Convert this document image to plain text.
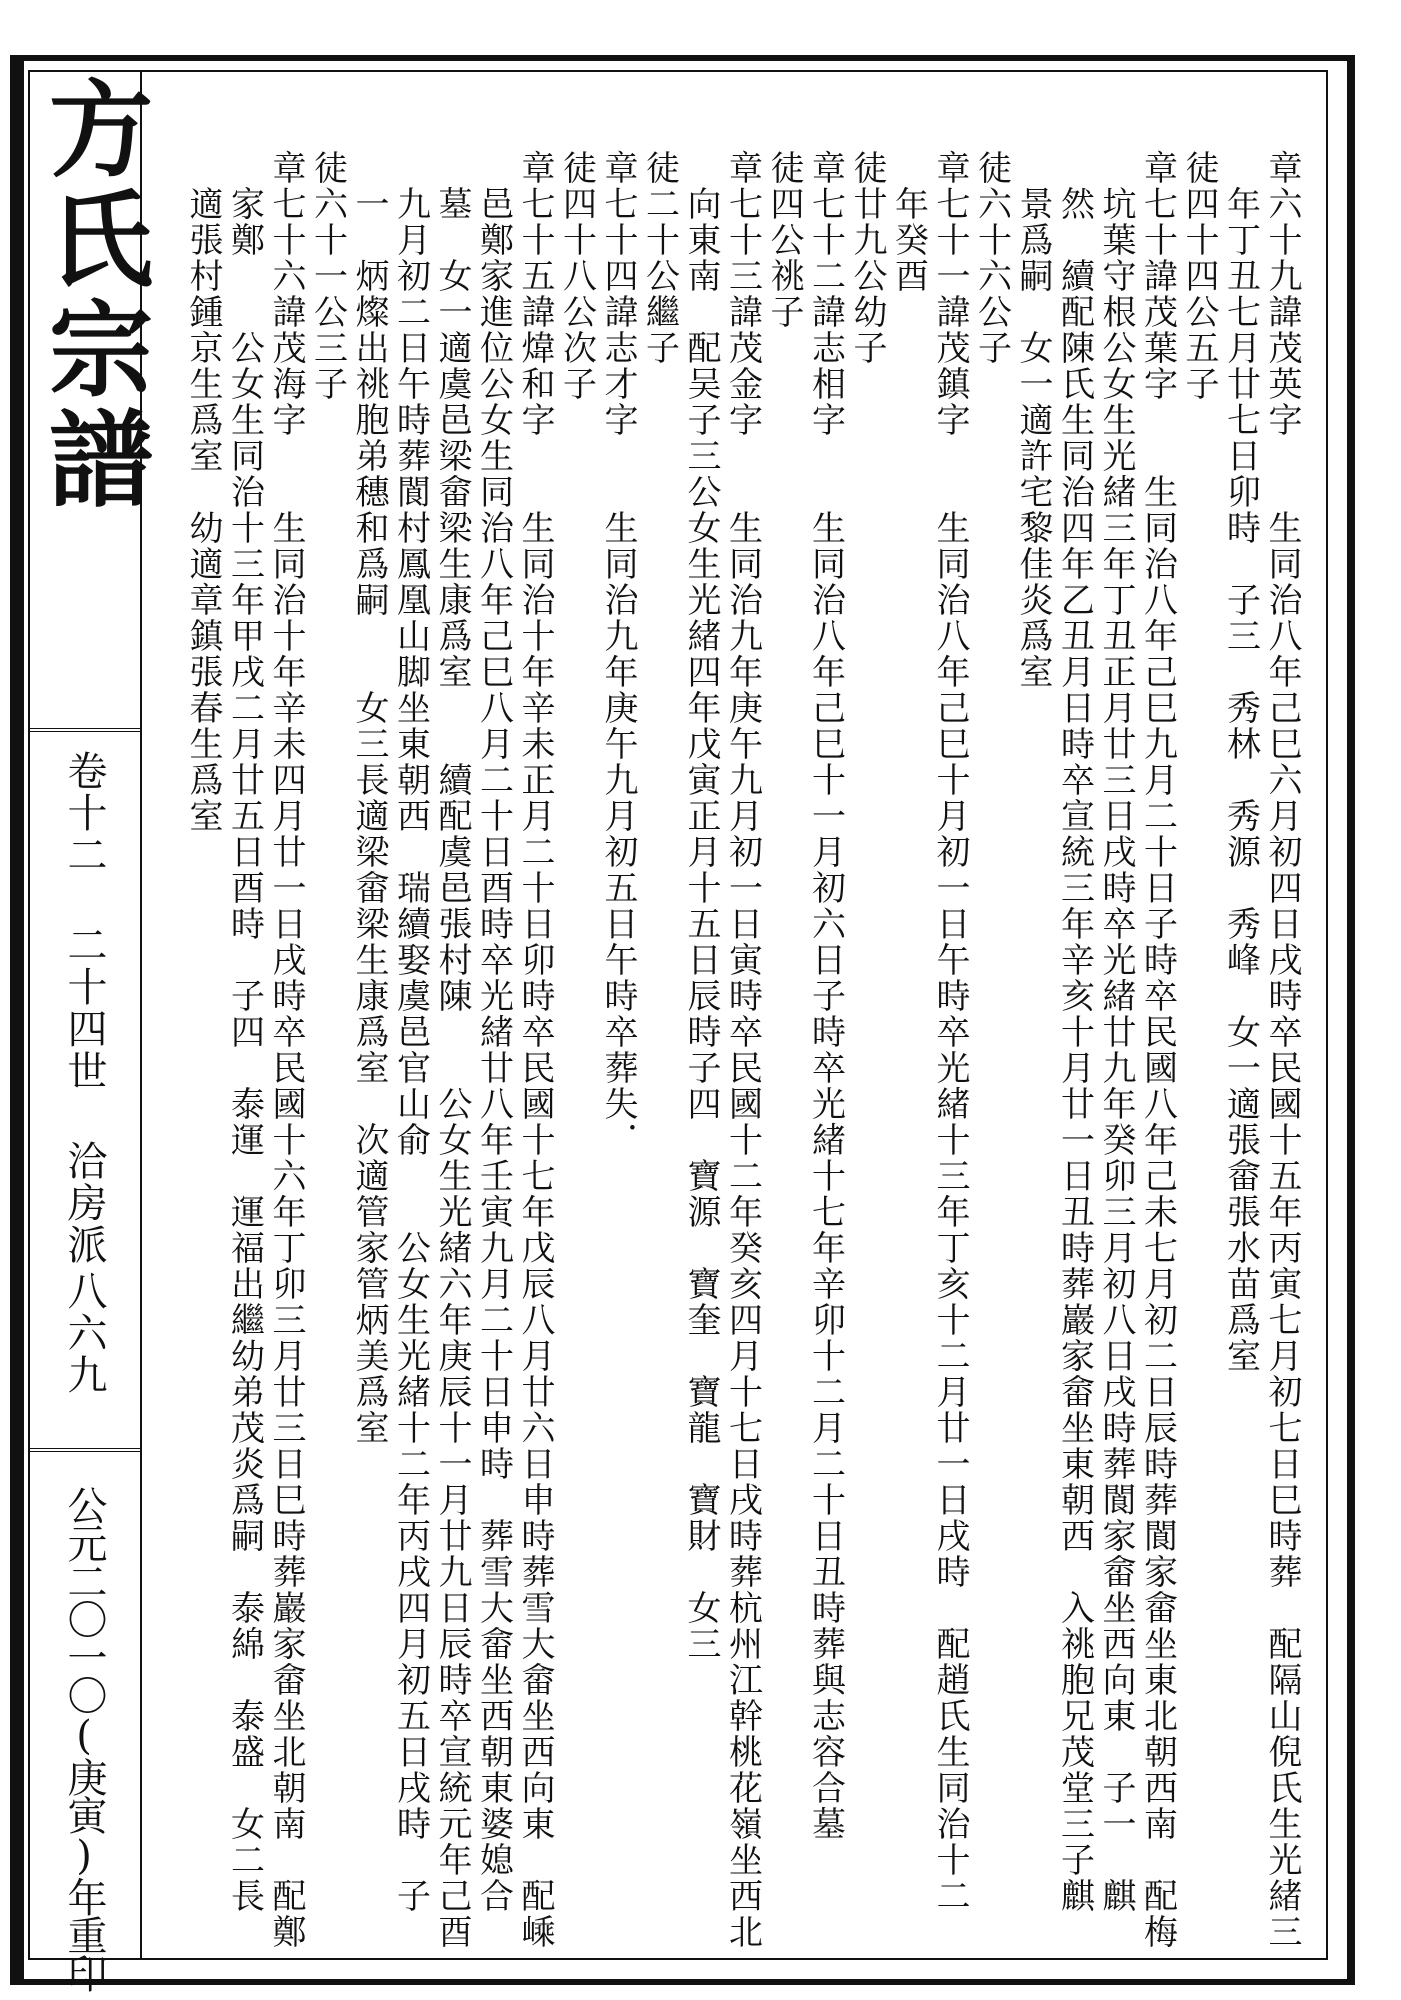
方氏宗譜
卷十二 二十四世 洽房派
八六九
公元二〇一〇(庚寅)年重印	章六十九諱茂英字　　生同治八年己巳六月初四日戌時卒民國十五年丙寅七月初七日巳時葬　配隔山倪氏生光緒三
　年丁丑七月廿七日卯時　子三　秀林　秀源　秀峰　女一適張畲張水苗爲室
徒四十四公五子
章七十諱茂葉字　　生同治八年己巳九月二十日子時卒民國八年己未七月初二日辰時葬閬家畲坐東北朝西南　配梅
　坑葉守根公女生光緒三年丁丑正月廿三日戌時卒光緒廿九年癸卯三月初八日戌時葬閬家畲坐西向東　子一　麒
　然　續配陳氏生同治四年乙丑月日時卒宣統三年辛亥十月廿一日丑時葬巖家畲坐東朝西　入祧胞兄茂堂三子麒
　景爲嗣　女一適許宅黎佳炎爲室
徒六十六公子
章七十一諱茂鎮字　　生同治八年己巳十月初一日午時卒光緒十三年丁亥十二月廿一日戌時　配趙氏生同治十二
　年癸酉
徒廿九公幼子
章七十二諱志相字　　生同治八年己巳十一月初六日子時卒光緒十七年辛卯十二月二十日丑時葬與志容合墓
徒四公祧子
章七十三諱茂金字　　生同治九年庚午九月初一日寅時卒民國十二年癸亥四月十七日戌時葬杭州江幹桃花嶺坐西北
　向東南　配吴子三公女生光緒四年戊寅正月十五日辰時子四　寶源　寶奎　寶龍　寶財　女三
徒二十公繼子
章七十四諱志才字　　生同治九年庚午九月初五日午時卒葬失．
徒四十八公次子
章七十五諱煒和字　　生同治十年辛未正月二十日卯時卒民國十七年戊辰八月廿六日申時葬雪大畲坐西向東　配嵊
　邑鄭家進位公女生同治八年己巳八月二十日酉時卒光緒廿八年壬寅九月二十日申時　葬雪大畲坐西朝東婆媳合
　墓　女一適虞邑梁畲梁生康爲室　　續配虞邑張村陳　　公女生光緒六年庚辰十一月廿九日辰時卒宣統元年己酉
　九月初二日午時葬閬村鳳凰山脚坐東朝西　瑞續娶虞邑官山俞　　公女生光緒十二年丙戌四月初五日戌時　子
　一　炳燦出祧胞弟穗和爲嗣　　女三長適梁畲梁生康爲室　次適管家管炳美爲室
徒六十一公三子
章七十六諱茂海字　　生同治十年辛未四月廿一日戌時卒民國十六年丁卯三月廿三日巳時葬巖家畲坐北朝南　配鄭
　家鄭　　公女生同治十三年甲戌二月廿五日酉時　子四　泰運　運福出繼幼弟茂炎爲嗣　泰綿　泰盛　女二長
　適張村鍾京生爲室　幼適章鎮張春生爲室
